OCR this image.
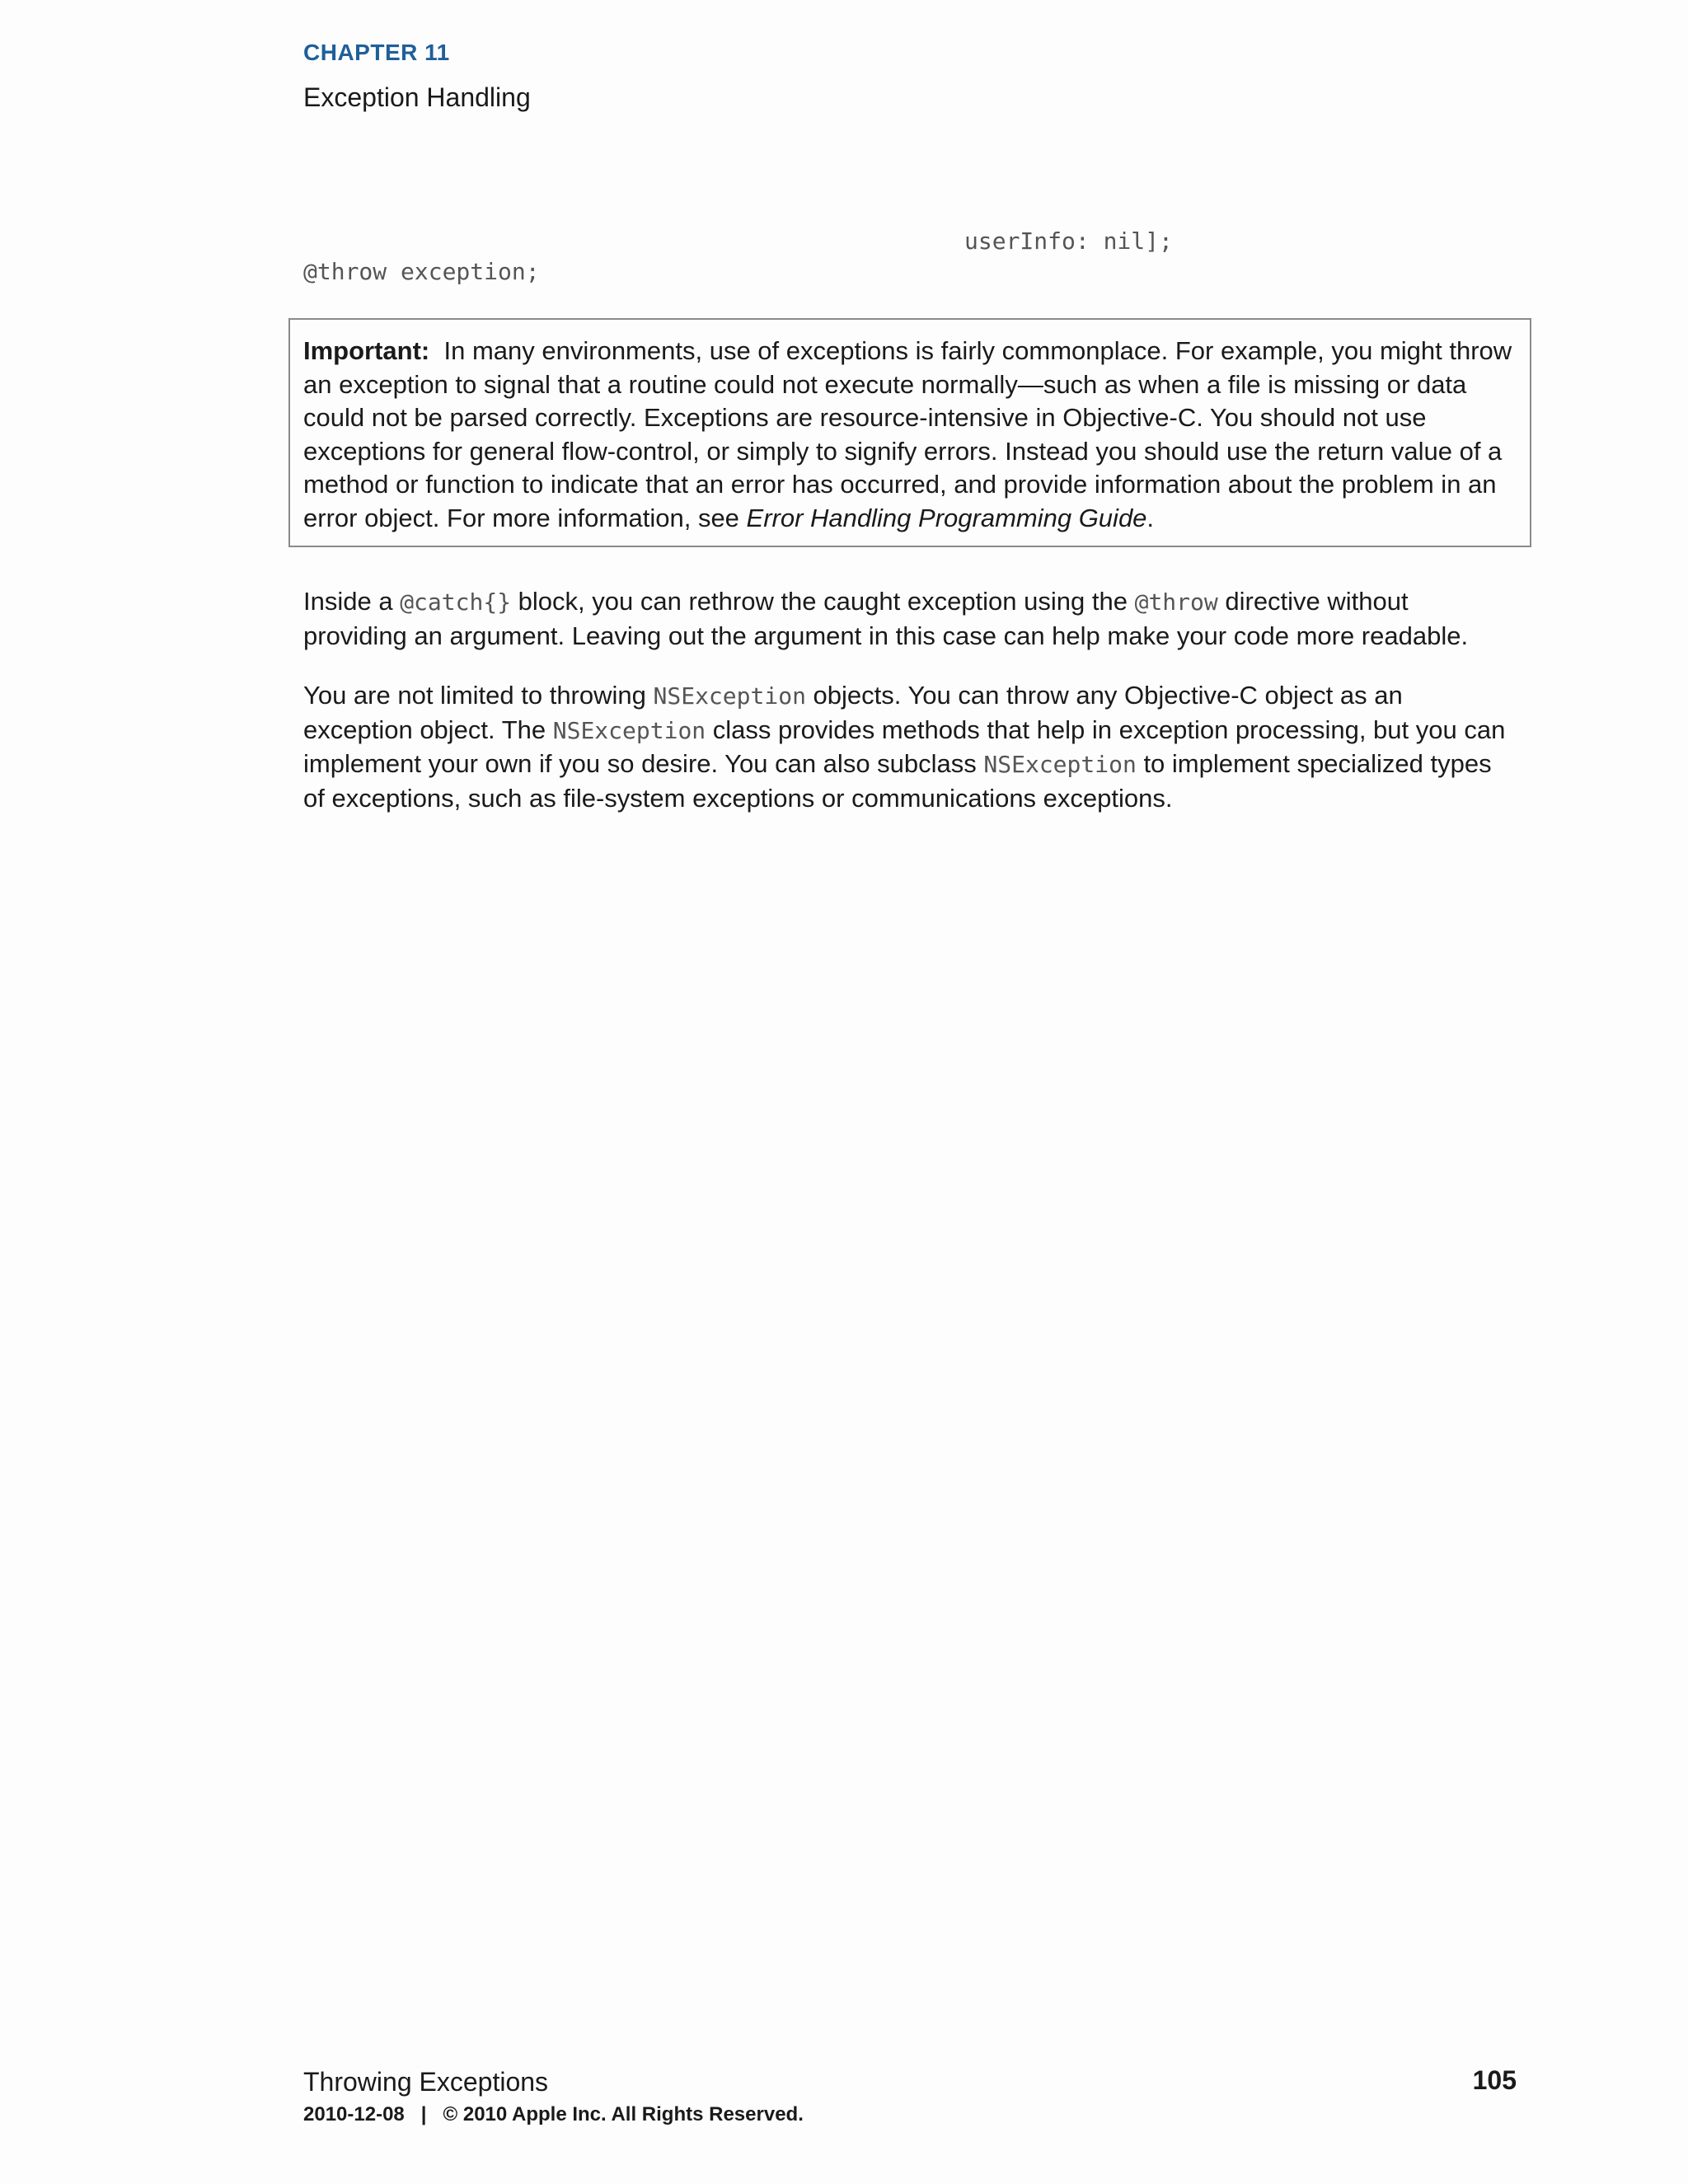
CHAPTER 11
Exception Handling
userInfo: nil];
@throw exception;
Important: In many environments, use of exceptions is fairly commonplace. For example, you might throw an exception to signal that a routine could not execute normally—such as when a file is missing or data could not be parsed correctly. Exceptions are resource-intensive in Objective-C. You should not use exceptions for general flow-control, or simply to signify errors. Instead you should use the return value of a method or function to indicate that an error has occurred, and provide information about the problem in an error object. For more information, see Error Handling Programming Guide.
Inside a @catch{} block, you can rethrow the caught exception using the @throw directive without providing an argument. Leaving out the argument in this case can help make your code more readable.
You are not limited to throwing NSException objects. You can throw any Objective-C object as an exception object. The NSException class provides methods that help in exception processing, but you can implement your own if you so desire. You can also subclass NSException to implement specialized types of exceptions, such as file-system exceptions or communications exceptions.
Throwing Exceptions	105
2010-12-08   |   © 2010 Apple Inc. All Rights Reserved.
